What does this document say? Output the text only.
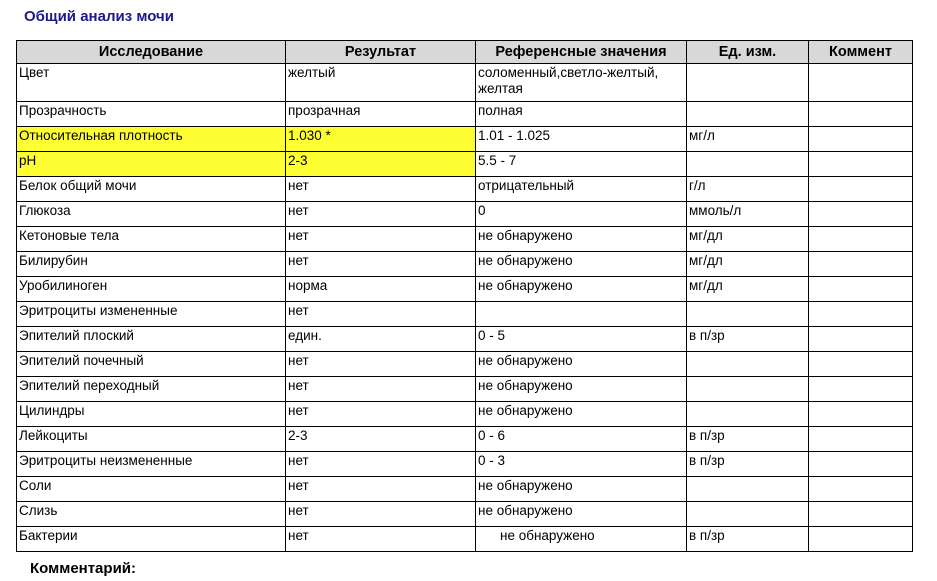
Общий анализ мочи
Исследование	Результат	Референсные значения	Ед. изм.	Коммент
Цвет	желтый	соломенный,светло-желтый, желтая		
Прозрачность	прозрачная	полная		
Относительная плотность	1.030 *	1.01 - 1.025	мг/л	
pH	2-3	5.5 - 7		
Белок общий мочи	нет	отрицательный	г/л	
Глюкоза	нет	0	ммоль/л	
Кетоновые тела	нет	не обнаружено	мг/дл	
Билирубин	нет	не обнаружено	мг/дл	
Уробилиноген	норма	не обнаружено	мг/дл	
Эритроциты измененные	нет			
Эпителий плоский	един.	0 - 5	в п/зр	
Эпителий почечный	нет	не обнаружено		
Эпителий переходный	нет	не обнаружено		
Цилиндры	нет	не обнаружено		
Лейкоциты	2-3	0 - 6	в п/зр	
Эритроциты неизмененные	нет	0 - 3	в п/зр	
Соли	нет	не обнаружено		
Слизь	нет	не обнаружено		
Бактерии	нет	не обнаружено	в п/зр	
Комментарий:
